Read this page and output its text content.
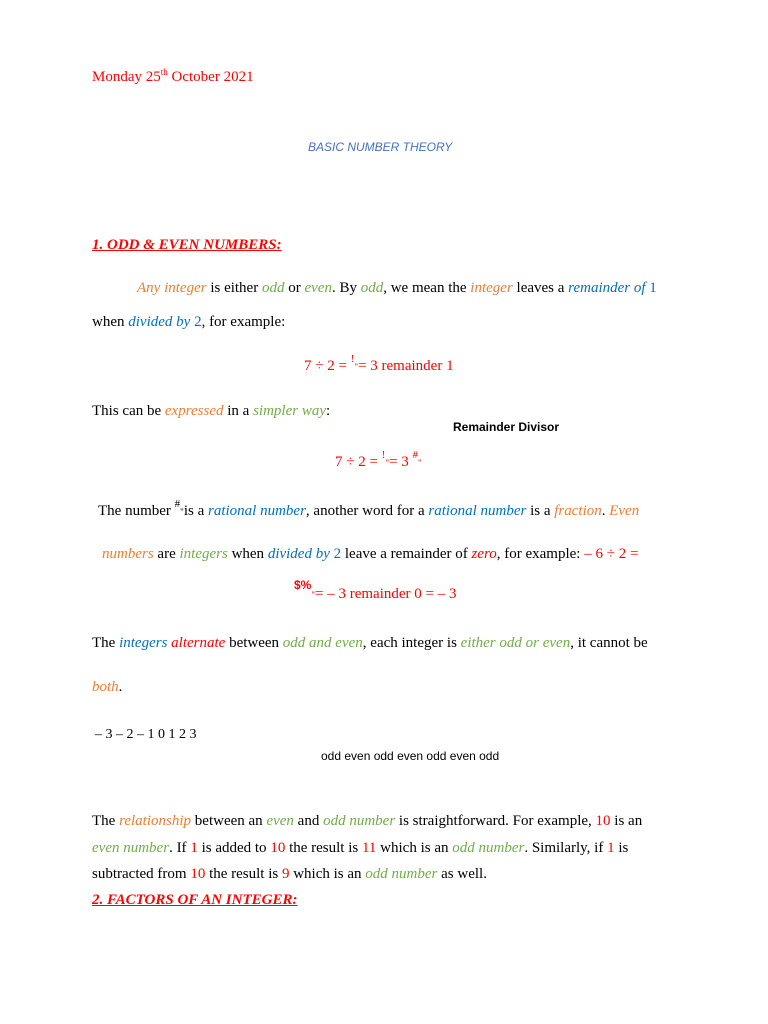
Monday 25th October 2021
BASIC NUMBER THEORY
1. ODD & EVEN NUMBERS:
Any integer is either odd or even. By odd, we mean the integer leaves a remainder of 1
when divided by 2, for example:
7 ÷ 2 = !"= 3 remainder 1
This can be expressed in a simpler way:
Remainder Divisor
7 ÷ 2 = !"= 3 #"
The number #"is a rational number, another word for a rational number is a fraction. Even
numbers are integers when divided by 2 leave a remainder of zero, for example: – 6 ÷ 2 =
$%"= – 3 remainder 0 = – 3
The integers alternate between odd and even, each integer is either odd or even, it cannot be
both.
– 3 – 2 – 1 0 1 2 3
odd even odd even odd even odd
The relationship between an even and odd number is straightforward. For example, 10 is an
even number. If 1 is added to 10 the result is 11 which is an odd number. Similarly, if 1 is
subtracted from 10 the result is 9 which is an odd number as well.
2. FACTORS OF AN INTEGER:
